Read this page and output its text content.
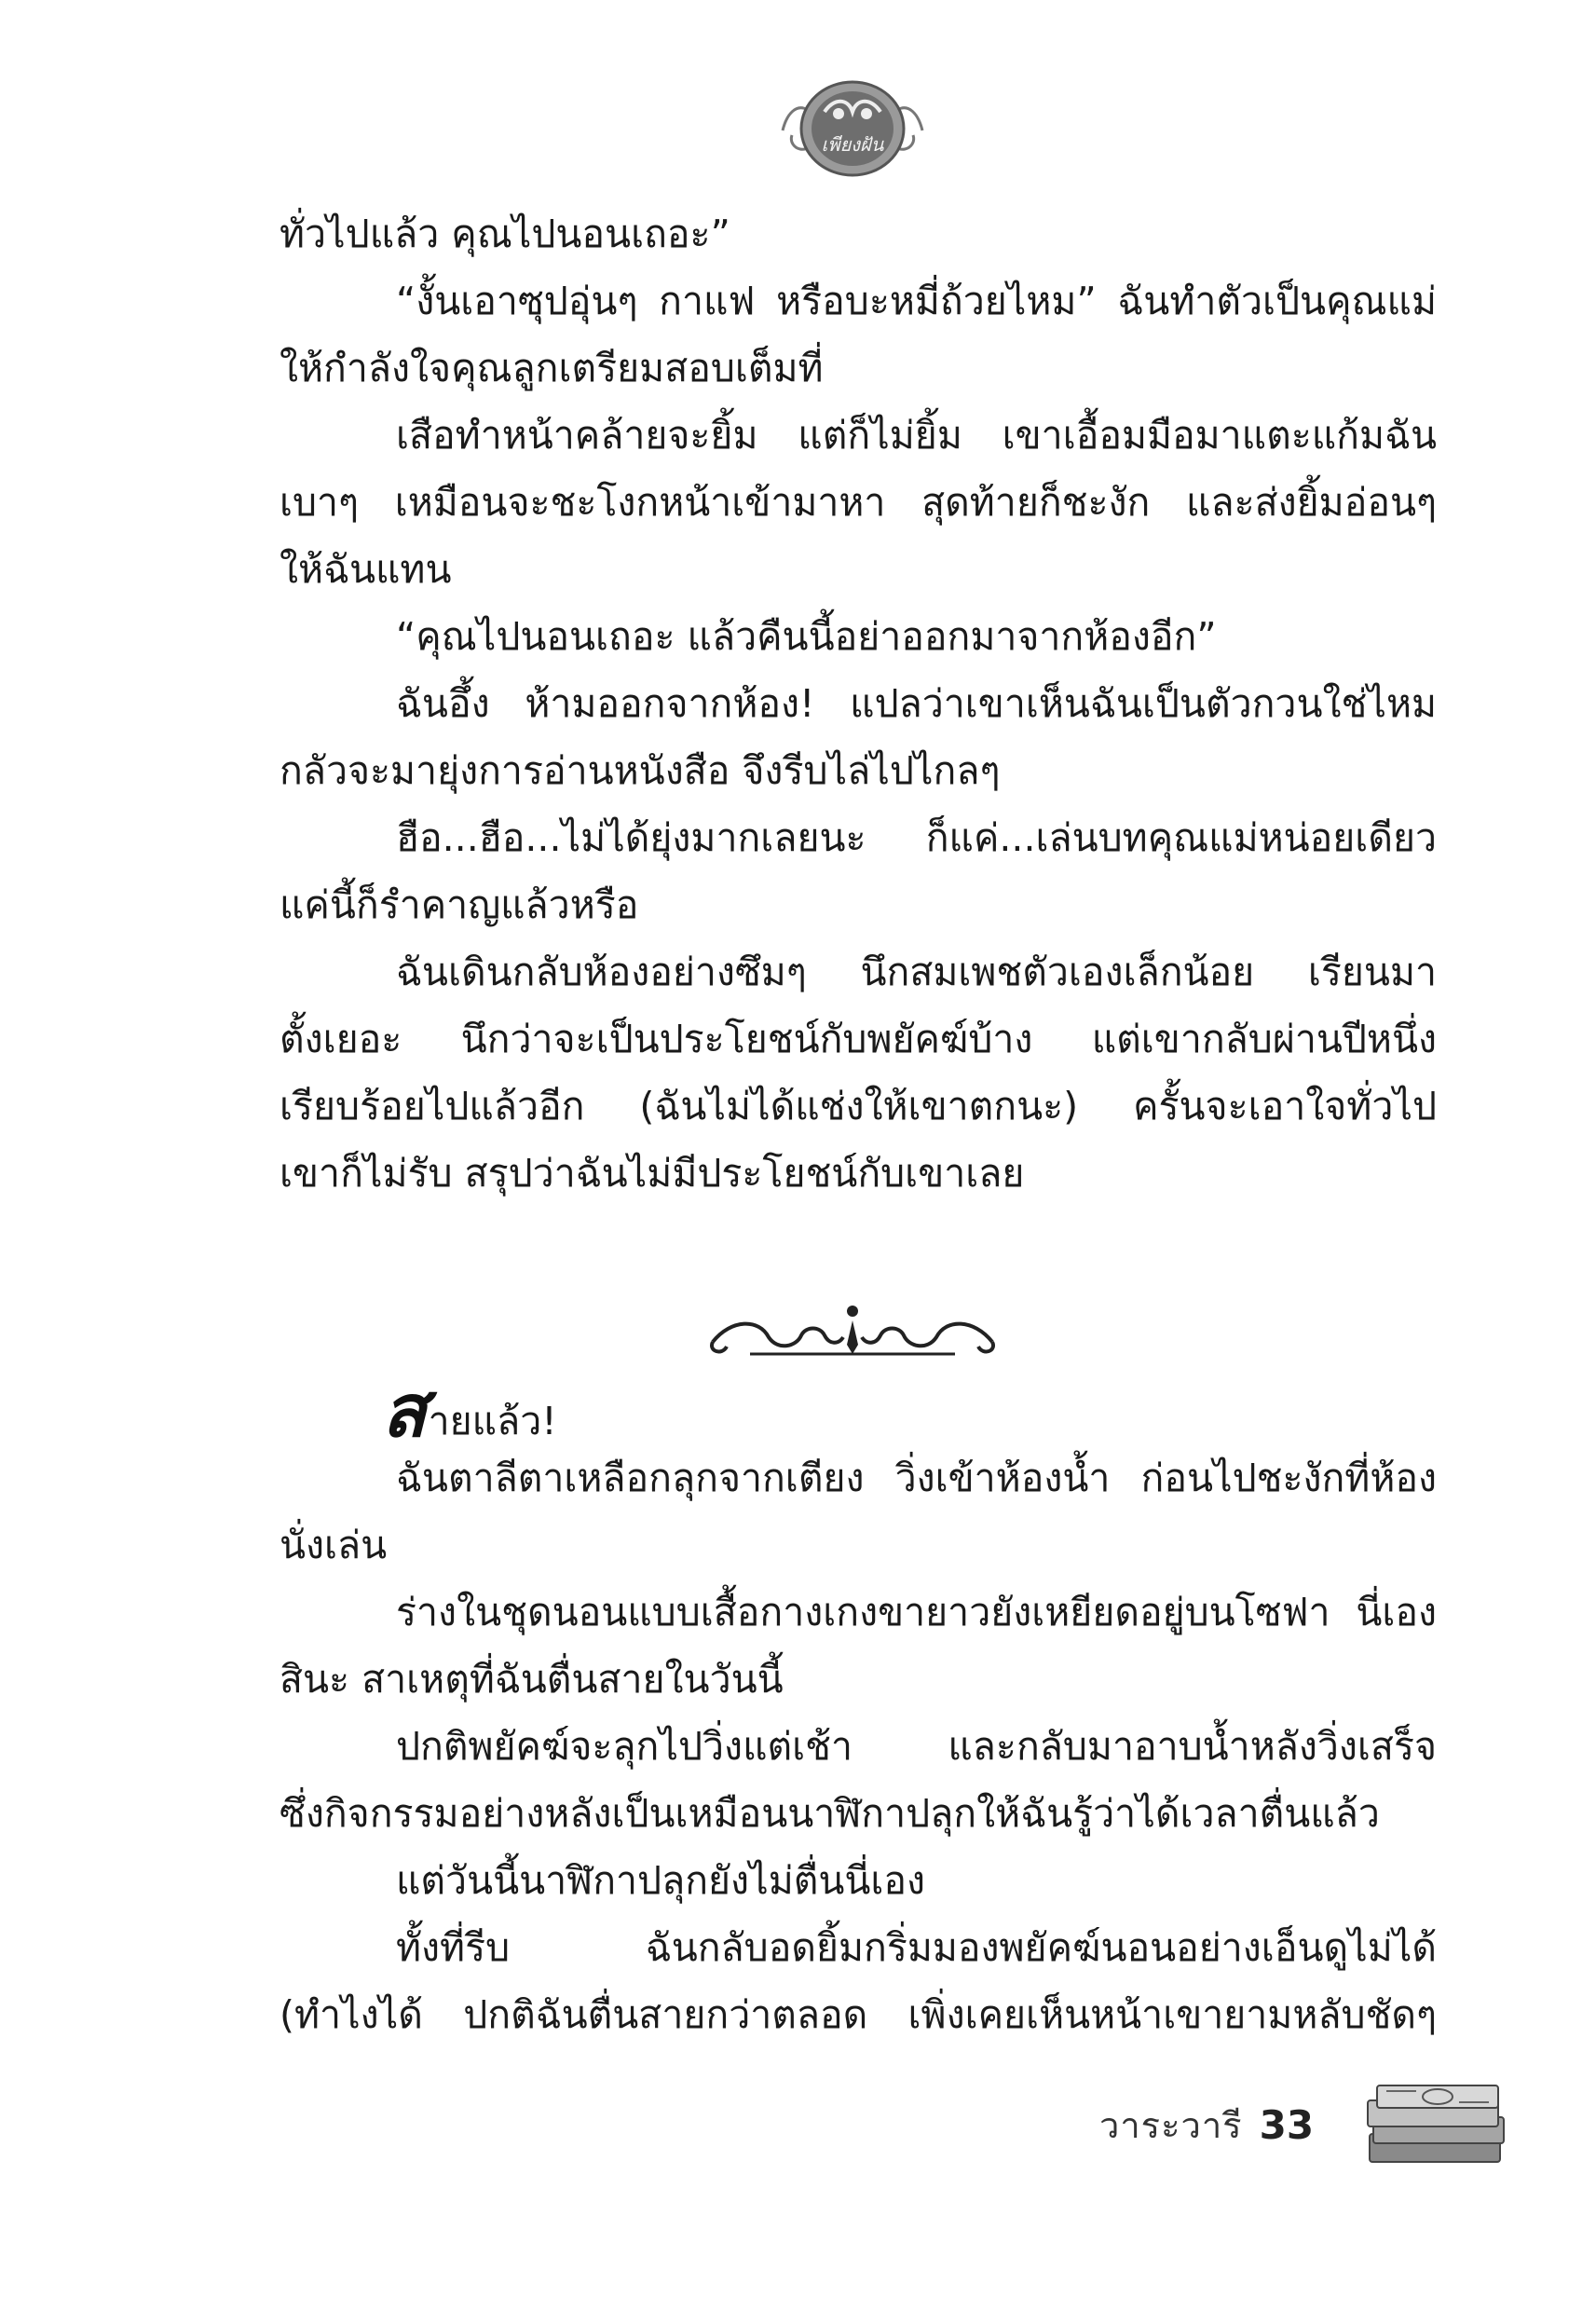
เพียงฝัน

ทั่วไปแล้ว คุณไปนอนเถอะ”

“งั้นเอาซุปอุ่นๆ กาแฟ หรือบะหมี่ถ้วยไหม” ฉันทำตัวเป็นคุณแม่

ให้กำลังใจคุณลูกเตรียมสอบเต็มที่

เสือทำหน้าคล้ายจะยิ้ม แต่ก็ไม่ยิ้ม เขาเอื้อมมือมาแตะแก้มฉัน

เบาๆ เหมือนจะชะโงกหน้าเข้ามาหา สุดท้ายก็ชะงัก และส่งยิ้มอ่อนๆ

ให้ฉันแทน

“คุณไปนอนเถอะ แล้วคืนนี้อย่าออกมาจากห้องอีก”

ฉันอึ้ง ห้ามออกจากห้อง! แปลว่าเขาเห็นฉันเป็นตัวกวนใช่ไหม

กลัวจะมายุ่งการอ่านหนังสือ จึงรีบไล่ไปไกลๆ

ฮือ...ฮือ...ไม่ได้ยุ่งมากเลยนะ ก็แค่...เล่นบทคุณแม่หน่อยเดียว

แค่นี้ก็รำคาญแล้วหรือ

ฉันเดินกลับห้องอย่างซึมๆ นึกสมเพชตัวเองเล็กน้อย เรียนมา

ตั้งเยอะ นึกว่าจะเป็นประโยชน์กับพยัคฆ์บ้าง แต่เขากลับผ่านปีหนึ่ง

เรียบร้อยไปแล้วอีก (ฉันไม่ได้แช่งให้เขาตกนะ) ครั้นจะเอาใจทั่วไป

เขาก็ไม่รับ สรุปว่าฉันไม่มีประโยชน์กับเขาเลย

ส ายแล้ว!

ฉันตาลีตาเหลือกลุกจากเตียง วิ่งเข้าห้องน้ำ ก่อนไปชะงักที่ห้อง

นั่งเล่น

ร่างในชุดนอนแบบเสื้อกางเกงขายาวยังเหยียดอยู่บนโซฟา นี่เอง

สินะ สาเหตุที่ฉันตื่นสายในวันนี้

ปกติพยัคฆ์จะลุกไปวิ่งแต่เช้า และกลับมาอาบน้ำหลังวิ่งเสร็จ

ซึ่งกิจกรรมอย่างหลังเป็นเหมือนนาฬิกาปลุกให้ฉันรู้ว่าได้เวลาตื่นแล้ว

แต่วันนี้นาฬิกาปลุกยังไม่ตื่นนี่เอง

ทั้งที่รีบ ฉันกลับอดยิ้มกริ่มมองพยัคฆ์นอนอย่างเอ็นดูไม่ได้

(ทำไงได้ ปกติฉันตื่นสายกว่าตลอด เพิ่งเคยเห็นหน้าเขายามหลับชัดๆ

วาระวารี 33
